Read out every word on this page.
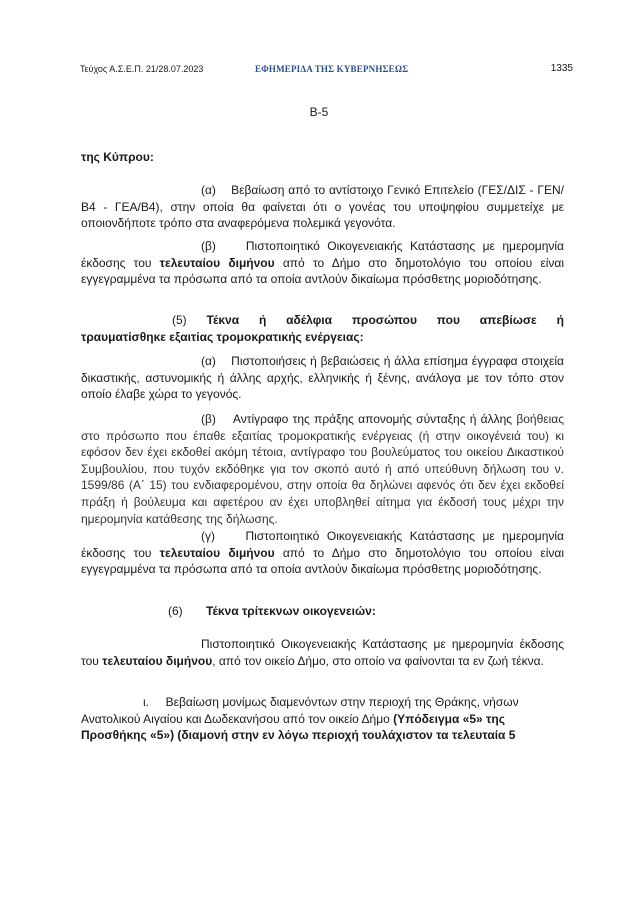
Τεύχος Α.Σ.Ε.Π. 21/28.07.2023	ΕΦΗΜΕΡΙΔΑ ΤΗΣ ΚΥΒΕΡΝΗΣΕΩΣ	1335
Β-5
της Κύπρου:
(α) Βεβαίωση από το αντίστοιχο Γενικό Επιτελείο (ΓΕΣ/ΔΙΣ - ΓΕΝ/Β4 - ΓΕΑ/Β4), στην οποία θα φαίνεται ότι ο γονέας του υποψηφίου συμμετείχε με οποιονδήποτε τρόπο στα αναφερόμενα πολεμικά γεγονότα.
(β) Πιστοποιητικό Οικογενειακής Κατάστασης με ημερομηνία έκδοσης του τελευταίου διμήνου από το Δήμο στο δημοτολόγιο του οποίου είναι εγγεγραμμένα τα πρόσωπα από τα οποία αντλούν δικαίωμα πρόσθετης μοριοδότησης.
(5) Τέκνα ή αδέλφια προσώπου που απεβίωσε ή
τραυματίσθηκε εξαιτίας τρομοκρατικής ενέργειας:
(α) Πιστοποιήσεις ή βεβαιώσεις ή άλλα επίσημα έγγραφα στοιχεία δικαστικής, αστυνομικής ή άλλης αρχής, ελληνικής ή ξένης, ανάλογα με τον τόπο στον οποίο έλαβε χώρα το γεγονός.
(β) Αντίγραφο της πράξης απονομής σύνταξης ή άλλης βοήθειας στο πρόσωπο που έπαθε εξαιτίας τρομοκρατικής ενέργειας (ή στην οικογένειά του) κι εφόσον δεν έχει εκδοθεί ακόμη τέτοια, αντίγραφο του βουλεύματος του οικείου Δικαστικού Συμβουλίου, που τυχόν εκδόθηκε για τον σκοπό αυτό ή από υπεύθυνη δήλωση του ν. 1599/86 (Α΄ 15) του ενδιαφερομένου, στην οποία θα δηλώνει αφενός ότι δεν έχει εκδοθεί πράξη ή βούλευμα και αφετέρου αν έχει υποβληθεί αίτημα για έκδοσή τους μέχρι την ημερομηνία κατάθεσης της δήλωσης.
(γ)	Πιστοποιητικό Οικογενειακής Κατάστασης με ημερομηνία έκδοσης του τελευταίου διμήνου από το Δήμο στο δημοτολόγιο του οποίου είναι εγγεγραμμένα τα πρόσωπα από τα οποία αντλούν δικαίωμα πρόσθετης μοριοδότησης.
(6) Τέκνα τρίτεκνων οικογενειών:
Πιστοποιητικό Οικογενειακής Κατάστασης με ημερομηνία έκδοσης του τελευταίου διμήνου, από τον οικείο Δήμο, στο οποίο να φαίνονται τα εν ζωή τέκνα.
ι. Βεβαίωση μονίμως διαμενόντων στην περιοχή της Θράκης, νήσων
Ανατολικού Αιγαίου και Δωδεκανήσου από τον οικείο Δήμο (Υπόδειγμα «5» της
Προσθήκης «5») (διαμονή στην εν λόγω περιοχή τουλάχιστον τα τελευταία 5
